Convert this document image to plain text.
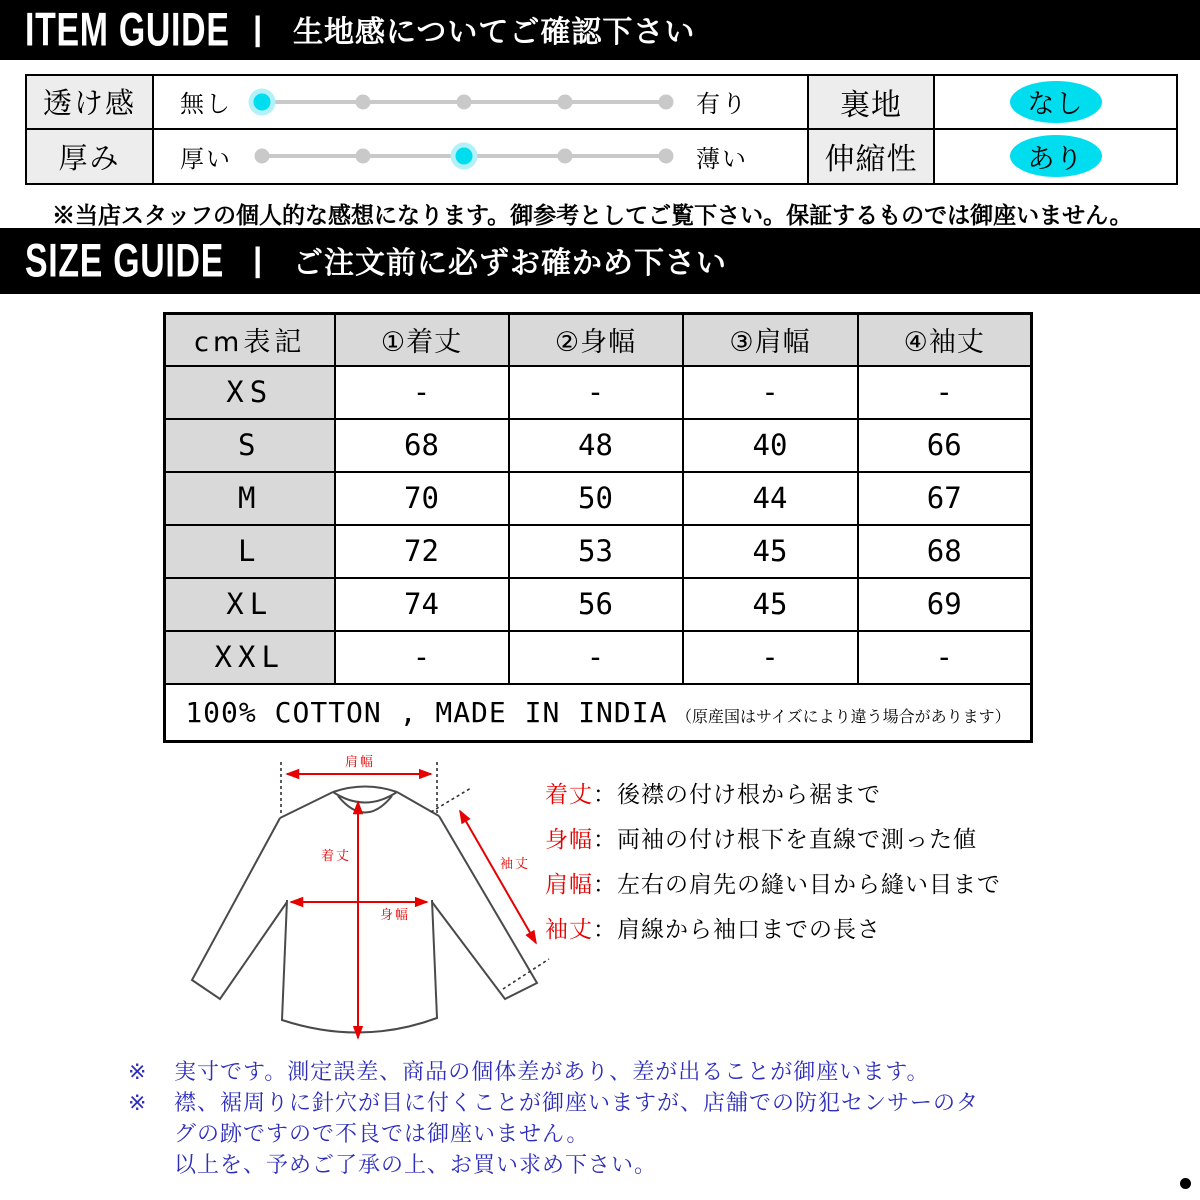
ITEM GUIDE | 生地感についてご確認下さい
透け感	無し	有り	裏地	なし
厚み	厚い	薄い	伸縮性	あり
※当店スタッフの個人的な感想になります。御参考としてご覧下さい。保証するものでは御座いません。
SIZE GUIDE | ご注文前に必ずお確かめ下さい
cm表記	①着丈	②身幅	③肩幅	④袖丈
XS	-	-	-	-
S	68	48	40	66
M	70	50	44	67
L	72	53	45	68
XL	74	56	45	69
XXL	-	-	-	-
100% COTTON , MADE IN INDIA （原産国はサイズにより違う場合があります）				
肩幅
着丈
身幅
袖丈
着丈 ： 後襟の付け根から裾まで
身幅 ： 両袖の付け根下を直線で測った値
肩幅 ： 左右の肩先の縫い目から縫い目まで
袖丈 ： 肩線から袖口までの長さ
※	実寸です。測定誤差、商品の個体差があり、差が出ることが御座います。
※	襟、裾周りに針穴が目に付くことが御座いますが、店舗での防犯センサーのタ
グの跡ですので不良では御座いません。
以上を、予めご了承の上、お買い求め下さい。
